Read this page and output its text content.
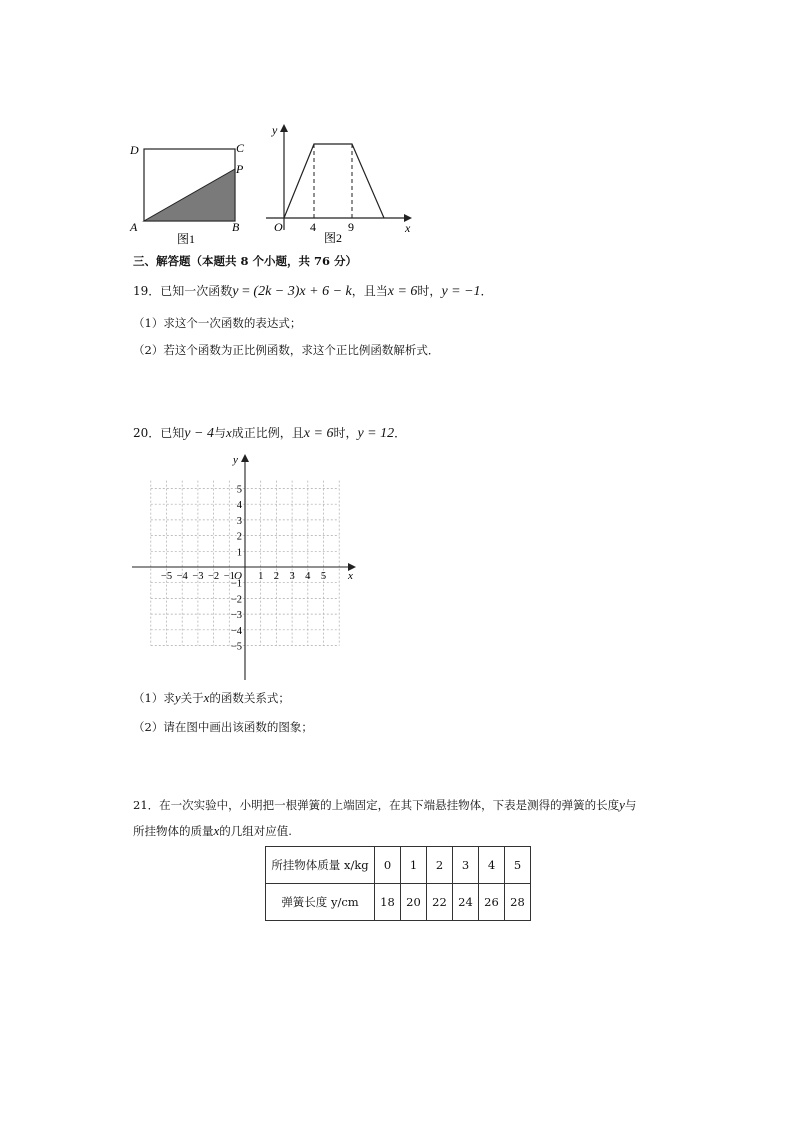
D	C
P
A	B
图1
y
x
O 4	9
图2
三、解答题（本题共 8 个小题，共 76 分）
19．已知一次函数y = (2k − 3)x + 6 − k，且当x = 6时，y = −1．
（1）求这个一次函数的表达式；
（2）若这个函数为正比例函数，求这个正比例函数解析式．
20．已知y − 4与x成正比例，且x = 6时，y = 12．
x
y
O 1 2 3 4 5
−5 −4 −3 −2 −1
5
4
3
2
1
−1
−2
−3
−4
−5
（1）求y关于x的函数关系式；
（2）请在图中画出该函数的图象；
21．在一次实验中，小明把一根弹簧的上端固定，在其下端悬挂物体，下表是测得的弹簧的长度y与
所挂物体的质量x的几组对应值.
所挂物体质量 x/kg	0	1	2	3	4	5
弹簧长度 y/cm	18	20	22	24	26	28
